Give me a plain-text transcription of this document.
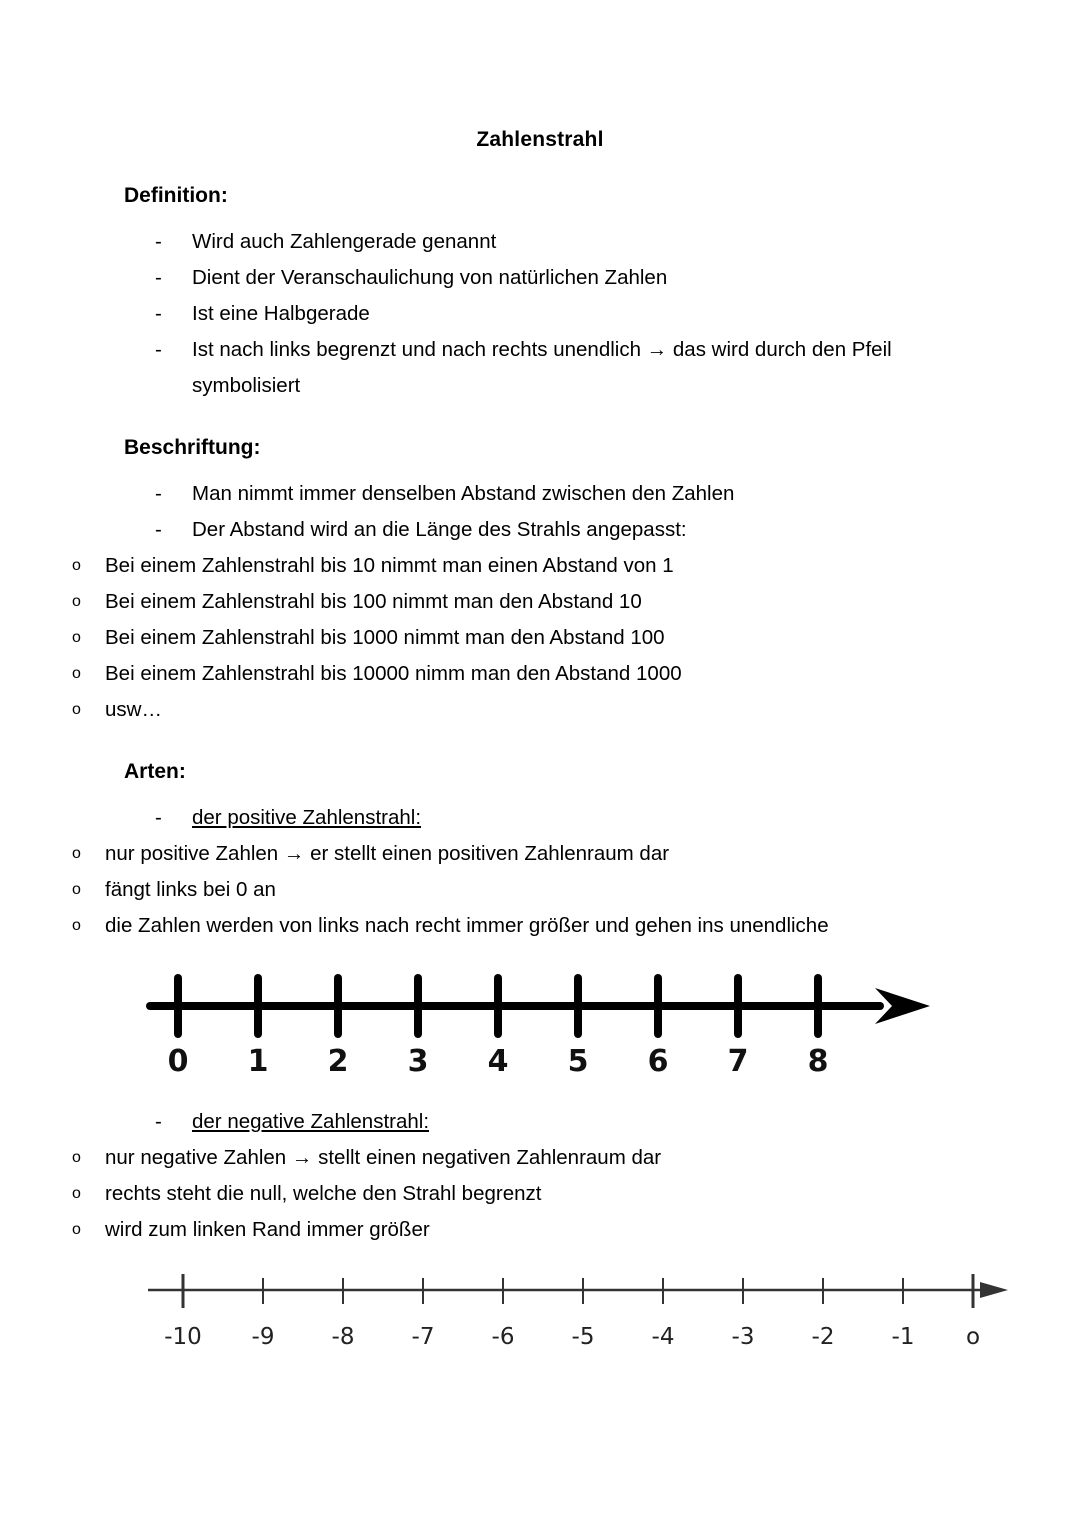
Zahlenstrahl
Definition:
- Wird auch Zahlengerade genannt
- Dient der Veranschaulichung von natürlichen Zahlen
- Ist eine Halbgerade
- Ist nach links begrenzt und nach rechts unendlich → das wird durch den Pfeil symbolisiert
Beschriftung:
- Man nimmt immer denselben Abstand zwischen den Zahlen
- Der Abstand wird an die Länge des Strahls angepasst:
o Bei einem Zahlenstrahl bis 10 nimmt man einen Abstand von 1
o Bei einem Zahlenstrahl bis 100 nimmt man den Abstand 10
o Bei einem Zahlenstrahl bis 1000 nimmt man den Abstand 100
o Bei einem Zahlenstrahl bis 10000 nimm man den Abstand 1000
o usw…
Arten:
- der positive Zahlenstrahl:
o nur positive Zahlen → er stellt einen positiven Zahlenraum dar
o fängt links bei 0 an
o die Zahlen werden von links nach recht immer größer und gehen ins unendliche
0 1 2 3 4 5 6 7 8
- der negative Zahlenstrahl:
o nur negative Zahlen → stellt einen negativen Zahlenraum dar
o rechts steht die null, welche den Strahl begrenzt
o wird zum linken Rand immer größer
-10 -9 -8 -7 -6 -5 -4 -3 -2 -1 o
